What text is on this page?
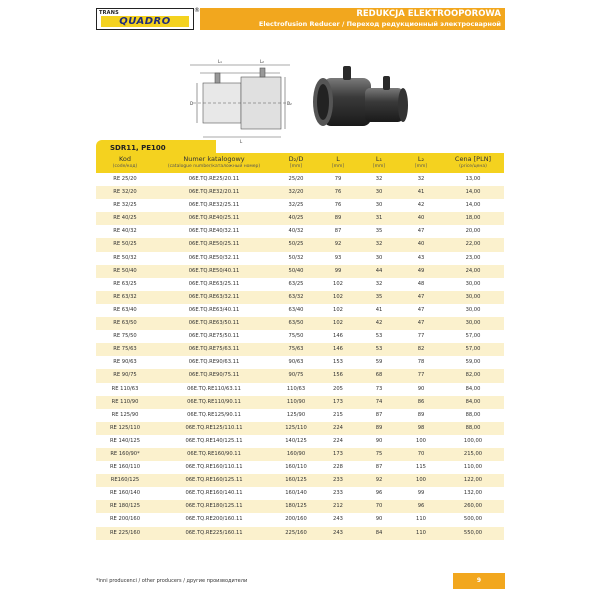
TRANS
QUADRO
®	REDUKCJA ELEKTROOPOROWA
Electrofusion Reducer / Переход редукционный электросварной
L₁	L₂
D	D₂
L
SDR11, PE100
Kod
(code/код)
Numer katalogowy
(catalogue number/каталожный номер)
D₂/D
[mm]
L
[mm]
L₁
[mm]
L₂
[mm]
Cena [PLN]
(price/цена)
RE 25/20	06E.TQ.RE25/20.11	25/20	79	32	32	13,00
RE 32/20	06E.TQ.RE32/20.11	32/20	76	30	41	14,00
RE 32/25	06E.TQ.RE32/25.11	32/25	76	30	42	14,00
RE 40/25	06E.TQ.RE40/25.11	40/25	89	31	40	18,00
RE 40/32	06E.TQ.RE40/32.11	40/32	87	35	47	20,00
RE 50/25	06E.TQ.RE50/25.11	50/25	92	32	40	22,00
RE 50/32	06E.TQ.RE50/32.11	50/32	93	30	43	23,00
RE 50/40	06E.TQ.RE50/40.11	50/40	99	44	49	24,00
RE 63/25	06E.TQ.RE63/25.11	63/25	102	32	48	30,00
RE 63/32	06E.TQ.RE63/32.11	63/32	102	35	47	30,00
RE 63/40	06E.TQ.RE63/40.11	63/40	102	41	47	30,00
RE 63/50	06E.TQ.RE63/50.11	63/50	102	42	47	30,00
RE 75/50	06E.TQ.RE75/50.11	75/50	146	53	77	57,00
RE 75/63	06E.TQ.RE75/63.11	75/63	146	53	82	57,00
RE 90/63	06E.TQ.RE90/63.11	90/63	153	59	78	59,00
RE 90/75	06E.TQ.RE90/75.11	90/75	156	68	77	82,00
RE 110/63	06E.TQ.RE110/63.11	110/63	205	73	90	84,00
RE 110/90	06E.TQ.RE110/90.11	110/90	173	74	86	84,00
RE 125/90	06E.TQ.RE125/90.11	125/90	215	87	89	88,00
RE 125/110	06E.TQ.RE125/110.11	125/110	224	89	98	88,00
RE 140/125	06E.TQ.RE140/125.11	140/125	224	90	100	100,00
RE 160/90*	06E.TQ.RE160/90.11	160/90	173	75	70	215,00
RE 160/110	06E.TQ.RE160/110.11	160/110	228	87	115	110,00
RE160/125	06E.TQ.RE160/125.11	160/125	233	92	100	122,00
RE 160/140	06E.TQ.RE160/140.11	160/140	233	96	99	132,00
RE 180/125	06E.TQ.RE180/125.11	180/125	212	70	96	260,00
RE 200/160	06E.TQ.RE200/160.11	200/160	243	90	110	500,00
RE 225/160	06E.TQ.RE225/160.11	225/160	243	84	110	550,00
*inni producenci / other producers / другие производители	9
